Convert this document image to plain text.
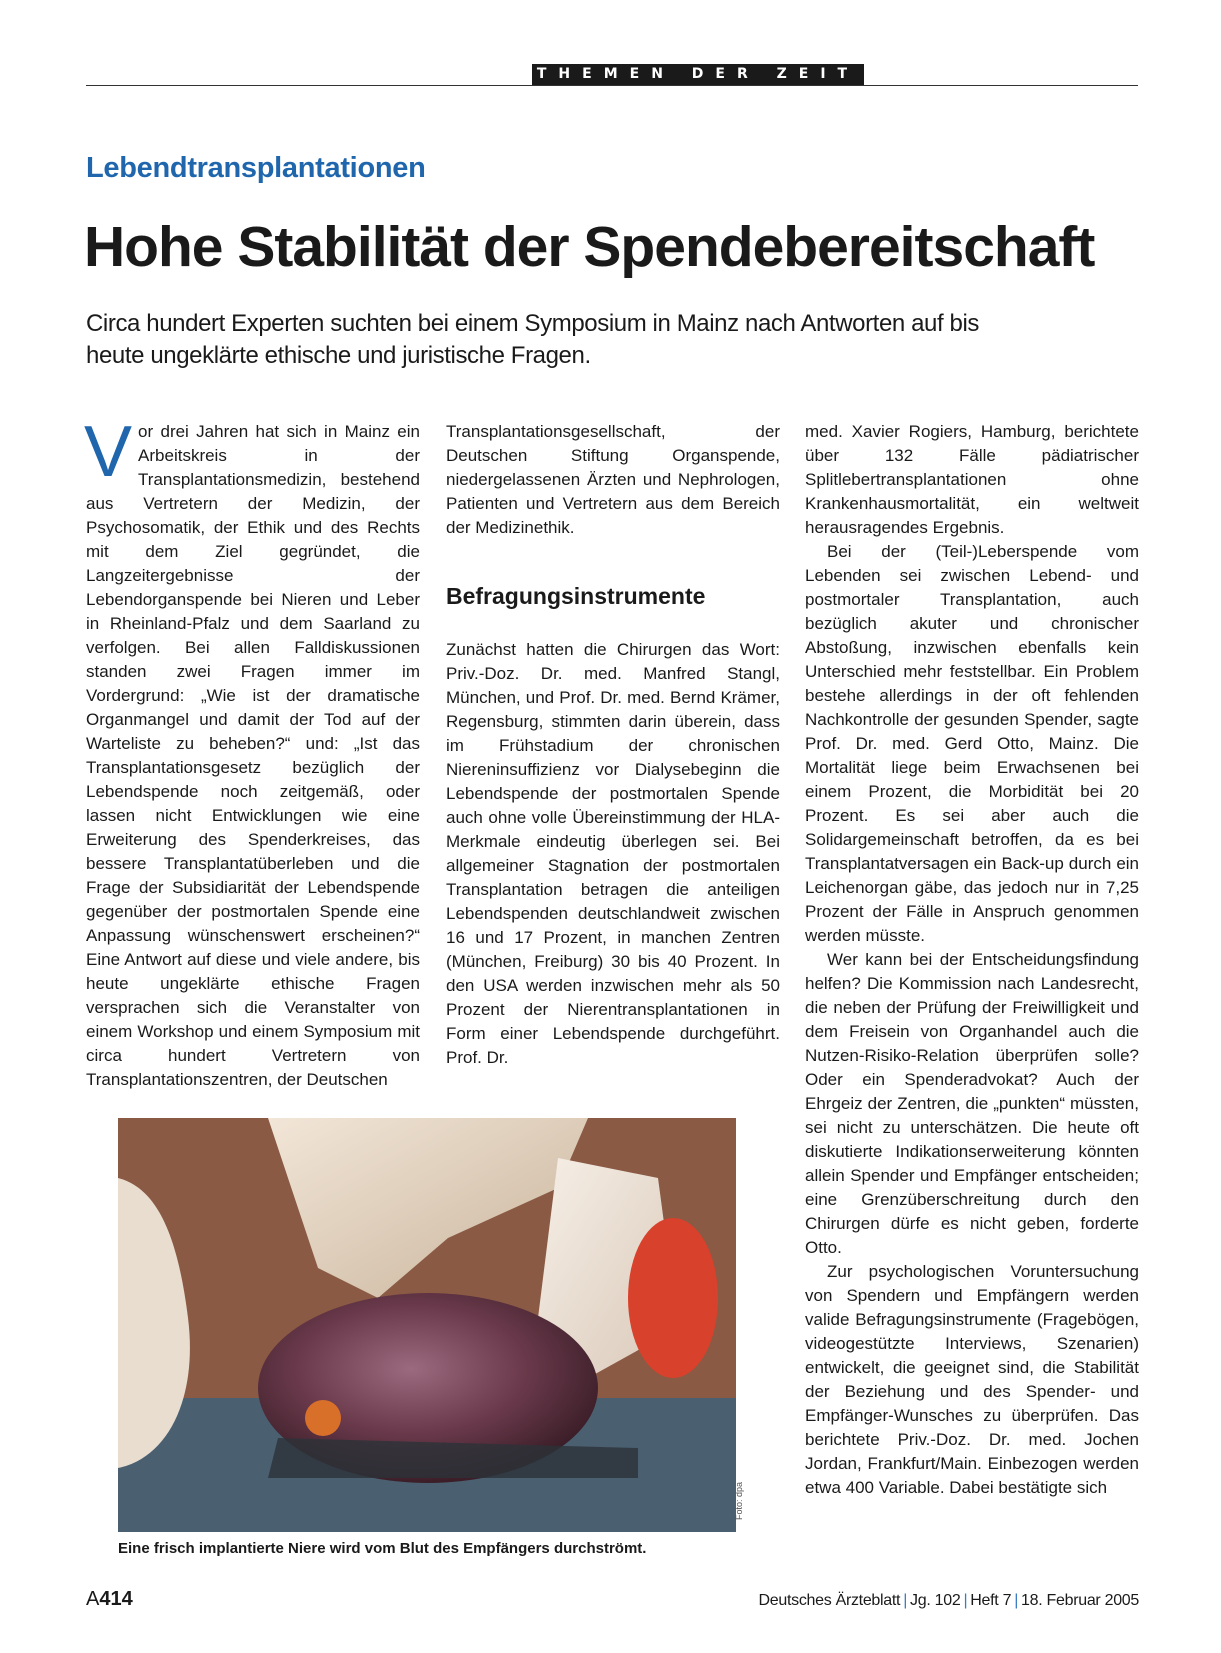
THEMEN DER ZEIT
Lebendtransplantationen
Hohe Stabilität der Spendebereitschaft
Circa hundert Experten suchten bei einem Symposium in Mainz nach Antworten auf bis heute ungeklärte ethische und juristische Fragen.

Vor drei Jahren hat sich in Mainz ein Arbeitskreis in der Transplantationsmedizin, bestehend aus Vertretern der Medizin, der Psychosomatik, der Ethik und des Rechts mit dem Ziel gegründet, die Langzeitergebnisse der Lebendorganspende bei Nieren und Leber in Rheinland-Pfalz und dem Saarland zu verfolgen. Bei allen Falldiskussionen standen zwei Fragen immer im Vordergrund: „Wie ist der dramatische Organmangel und damit der Tod auf der Warteliste zu beheben?“ und: „Ist das Transplantationsgesetz bezüglich der Lebendspende noch zeitgemäß, oder lassen nicht Entwicklungen wie eine Erweiterung des Spenderkreises, das bessere Transplantatüberleben und die Frage der Subsidiarität der Lebendspende gegenüber der postmortalen Spende eine Anpassung wünschenswert erscheinen?“ Eine Antwort auf diese und viele andere, bis heute ungeklärte ethische Fragen versprachen sich die Veranstalter von einem Workshop und einem Symposium mit circa hundert Vertretern von Transplantationszentren, der Deutschen

Transplantationsgesellschaft, der Deutschen Stiftung Organspende, niedergelassenen Ärzten und Nephrologen, Patienten und Vertretern aus dem Bereich der Medizinethik.

Befragungsinstrumente

Zunächst hatten die Chirurgen das Wort: Priv.-Doz. Dr. med. Manfred Stangl, München, und Prof. Dr. med. Bernd Krämer, Regensburg, stimmten darin überein, dass im Frühstadium der chronischen Niereninsuffizienz vor Dialysebeginn die Lebendspende der postmortalen Spende auch ohne volle Übereinstimmung der HLA-Merkmale eindeutig überlegen sei. Bei allgemeiner Stagnation der postmortalen Transplantation betragen die anteiligen Lebendspenden deutschlandweit zwischen 16 und 17 Prozent, in manchen Zentren (München, Freiburg) 30 bis 40 Prozent. In den USA werden inzwischen mehr als 50 Prozent der Nierentransplantationen in Form einer Lebendspende durchgeführt. Prof. Dr.

med. Xavier Rogiers, Hamburg, berichtete über 132 Fälle pädiatrischer Splitlebertransplantationen ohne Krankenhausmortalität, ein weltweit herausragendes Ergebnis.

Bei der (Teil-)Leberspende vom Lebenden sei zwischen Lebend- und postmortaler Transplantation, auch bezüglich akuter und chronischer Abstoßung, inzwischen ebenfalls kein Unterschied mehr feststellbar. Ein Problem bestehe allerdings in der oft fehlenden Nachkontrolle der gesunden Spender, sagte Prof. Dr. med. Gerd Otto, Mainz. Die Mortalität liege beim Erwachsenen bei einem Prozent, die Morbidität bei 20 Prozent. Es sei aber auch die Solidargemeinschaft betroffen, da es bei Transplantatversagen ein Back-up durch ein Leichenorgan gäbe, das jedoch nur in 7,25 Prozent der Fälle in Anspruch genommen werden müsste.

Wer kann bei der Entscheidungsfindung helfen? Die Kommission nach Landesrecht, die neben der Prüfung der Freiwilligkeit und dem Freisein von Organhandel auch die Nutzen-Risiko-Relation überprüfen solle? Oder ein Spenderadvokat? Auch der Ehrgeiz der Zentren, die „punkten“ müssten, sei nicht zu unterschätzen. Die heute oft diskutierte Indikationserweiterung könnten allein Spender und Empfänger entscheiden; eine Grenzüberschreitung durch den Chirurgen dürfe es nicht geben, forderte Otto.

Zur psychologischen Voruntersuchung von Spendern und Empfängern werden valide Befragungsinstrumente (Fragebögen, videogestützte Interviews, Szenarien) entwickelt, die geeignet sind, die Stabilität der Beziehung und des Spender- und Empfänger-Wunsches zu überprüfen. Das berichtete Priv.-Doz. Dr. med. Jochen Jordan, Frankfurt/Main. Einbezogen werden etwa 400 Variable. Dabei bestätigte sich

Foto: dpa
Eine frisch implantierte Niere wird vom Blut des Empfängers durchströmt.
A414	Deutsches Ärzteblatt | Jg. 102 | Heft 7 | 18. Februar 2005
